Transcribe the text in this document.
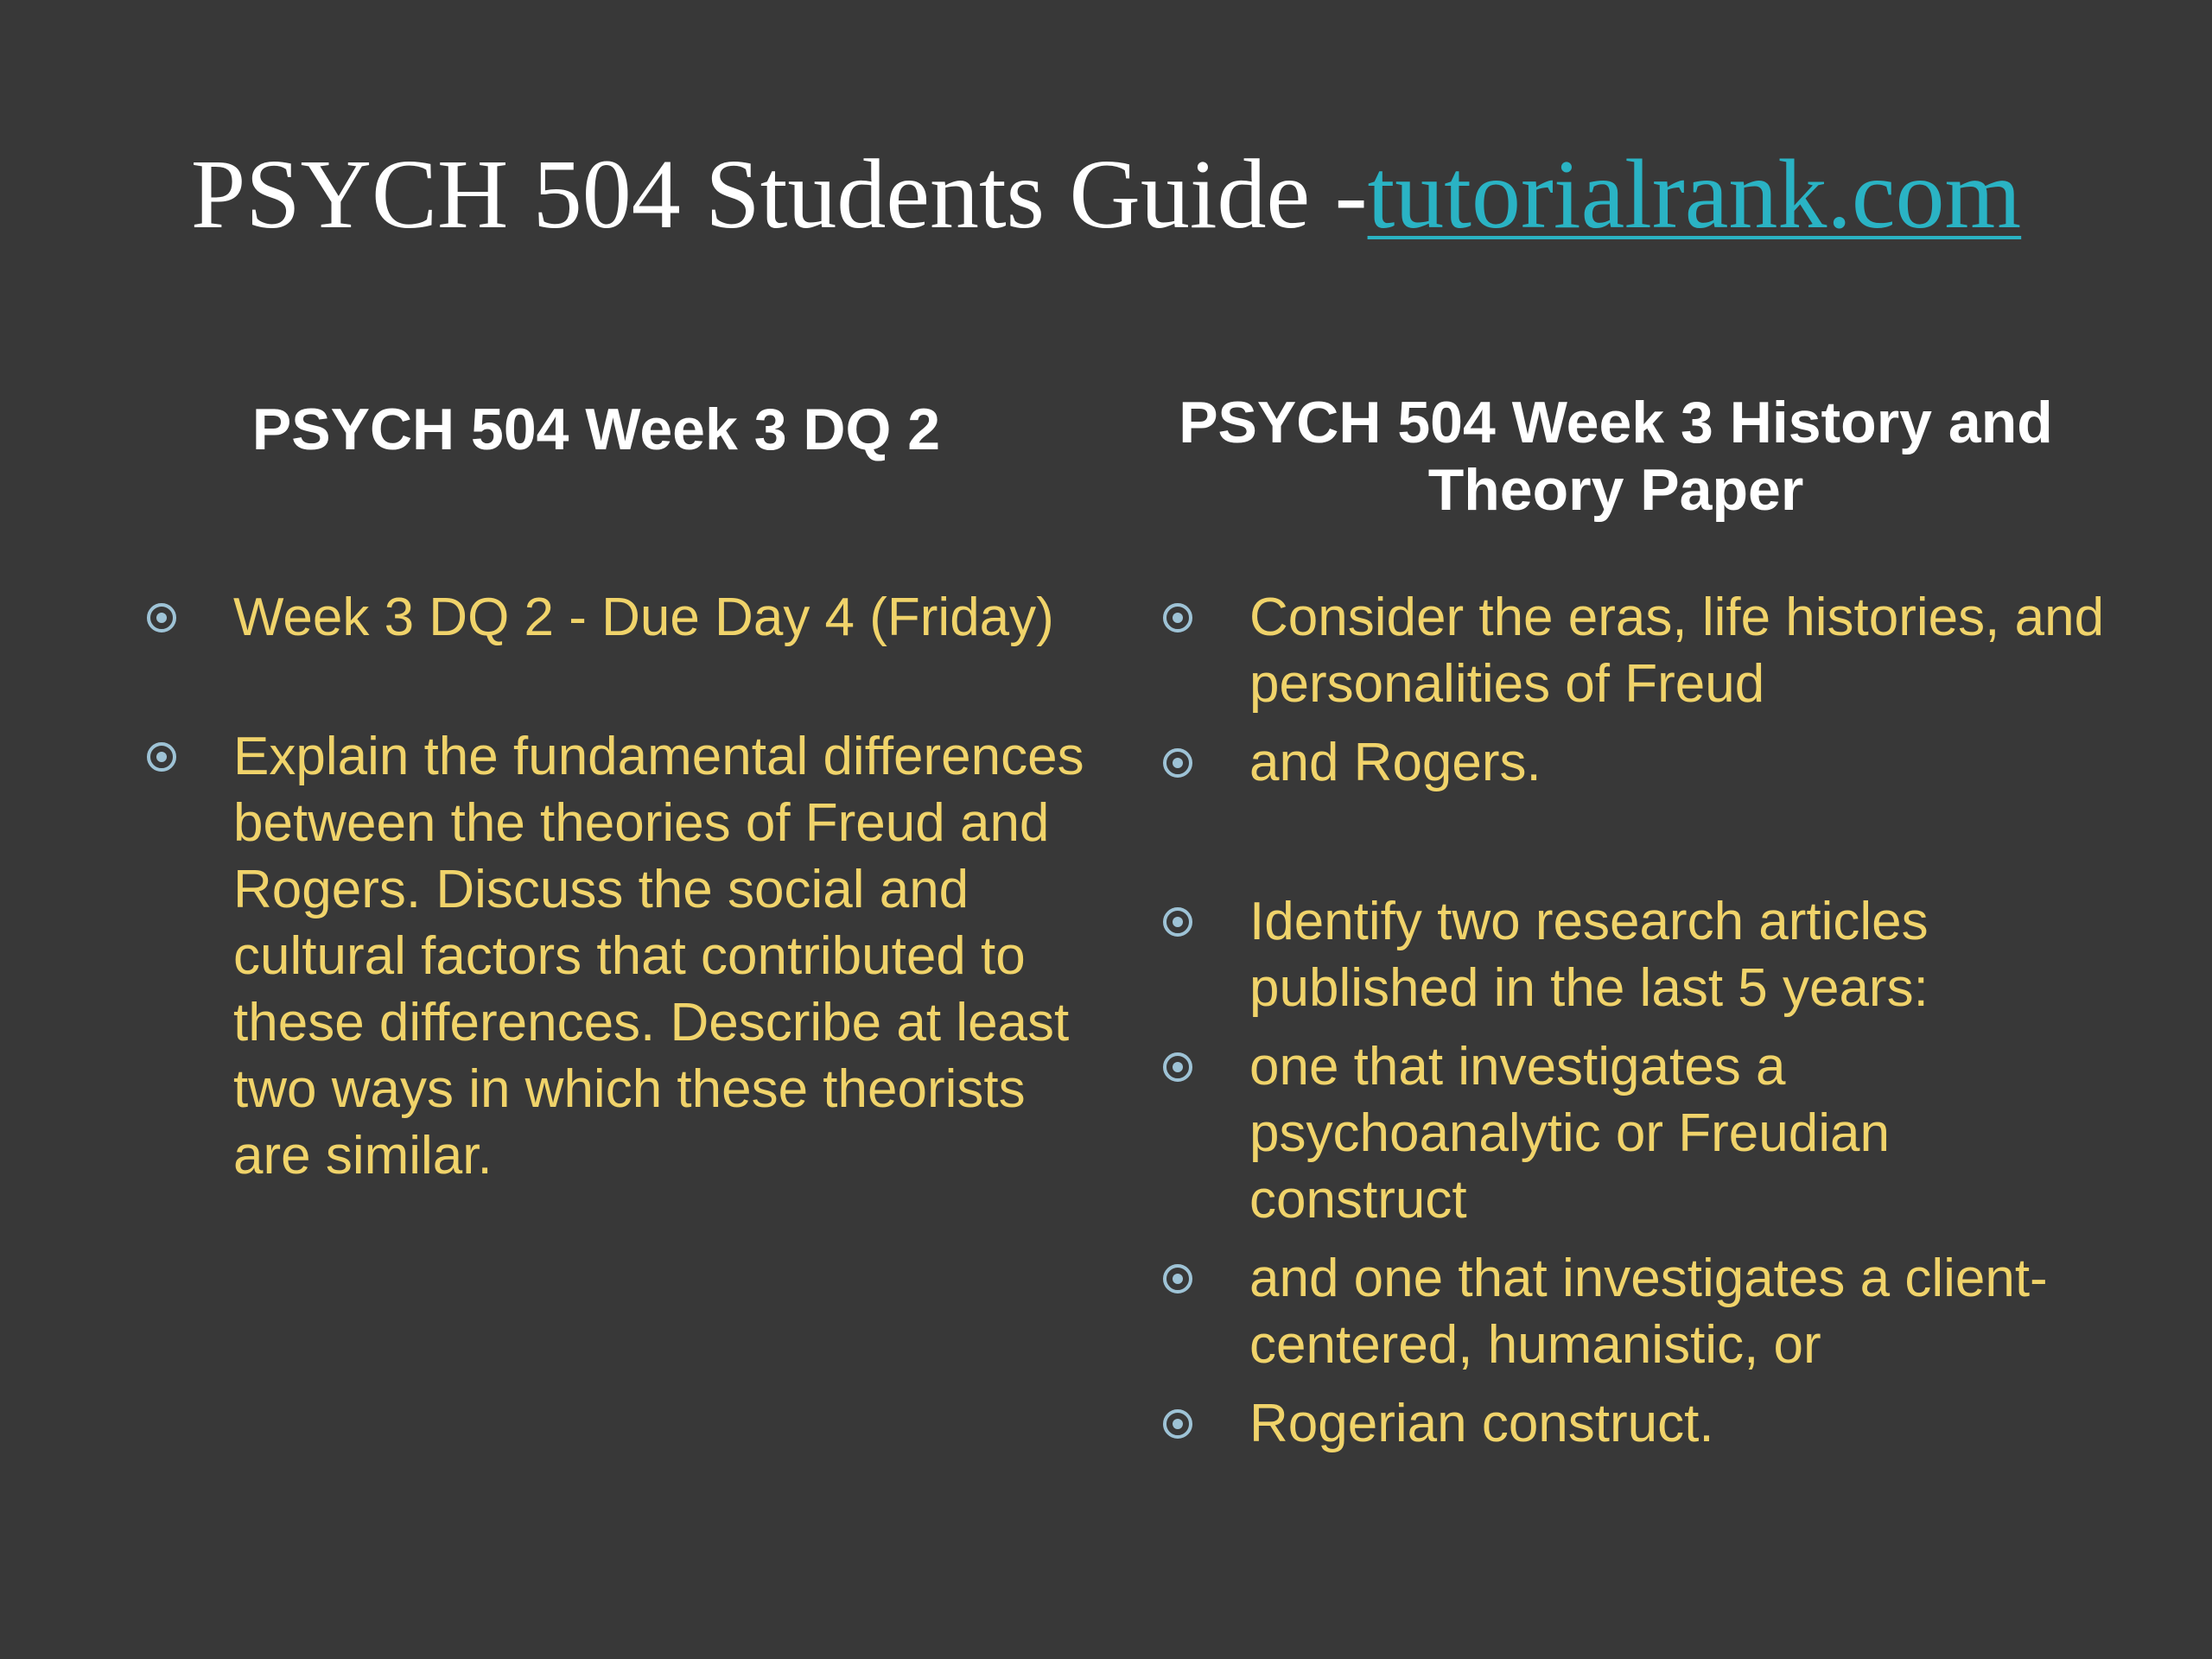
PSYCH 504 Students Guide -tutorialrank.com
PSYCH 504 Week 3 DQ 2	PSYCH 504 Week 3 History and Theory Paper
Week 3 DQ 2 - Due Day 4 (Friday)
Explain the fundamental differences between the theories of Freud and Rogers. Discuss the social and cultural factors that contributed to these differences. Describe at least two ways in which these theorists are similar.
Consider the eras, life histories, and personalities of Freud
and Rogers.
Identify two research articles published in the last 5 years:
one that investigates a psychoanalytic or Freudian construct
and one that investigates a client-centered, humanistic, or
Rogerian construct.
